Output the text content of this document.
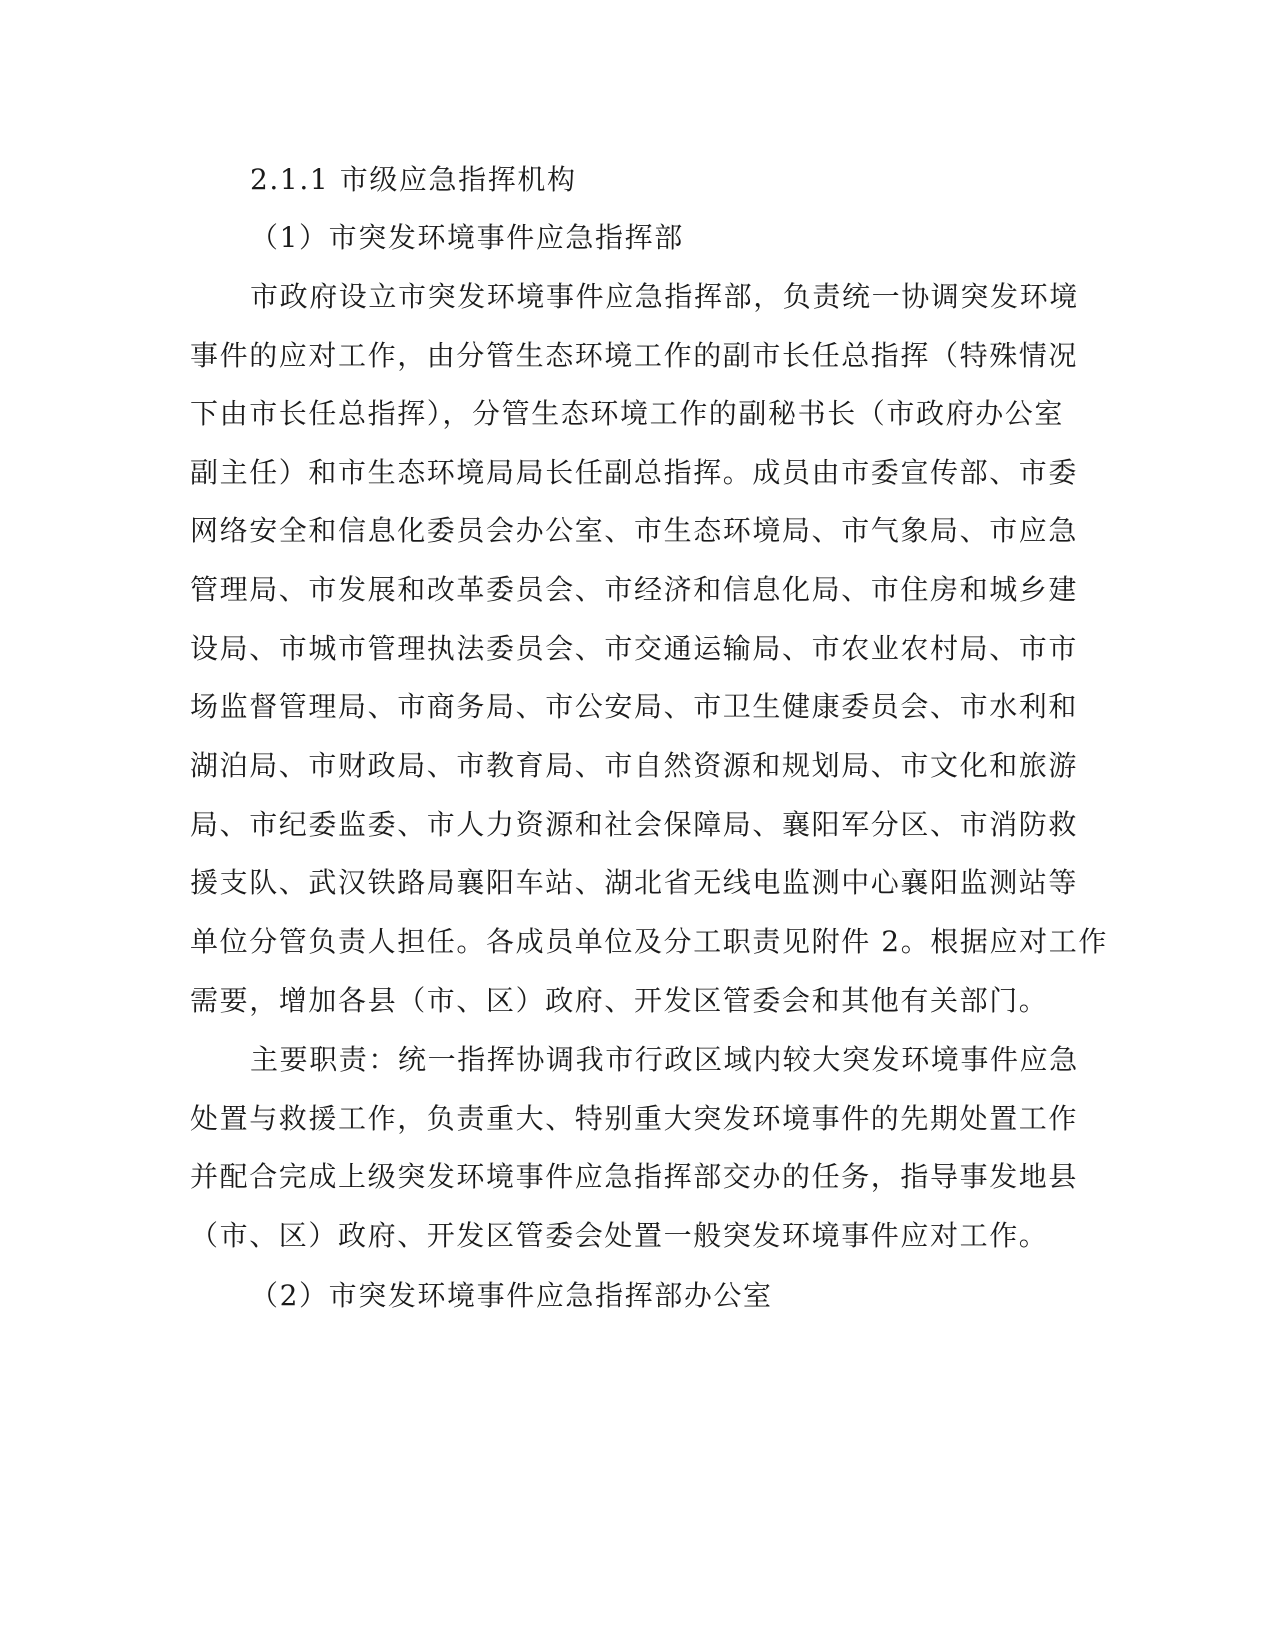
2.1.1 市级应急指挥机构
（1）市突发环境事件应急指挥部
市政府设立市突发环境事件应急指挥部，负责统一协调突发环境
事件的应对工作，由分管生态环境工作的副市长任总指挥（特殊情况
下由市长任总指挥），分管生态环境工作的副秘书长（市政府办公室
副主任）和市生态环境局局长任副总指挥。成员由市委宣传部、市委
网络安全和信息化委员会办公室、市生态环境局、市气象局、市应急
管理局、市发展和改革委员会、市经济和信息化局、市住房和城乡建
设局、市城市管理执法委员会、市交通运输局、市农业农村局、市市
场监督管理局、市商务局、市公安局、市卫生健康委员会、市水利和
湖泊局、市财政局、市教育局、市自然资源和规划局、市文化和旅游
局、市纪委监委、市人力资源和社会保障局、襄阳军分区、市消防救
援支队、武汉铁路局襄阳车站、湖北省无线电监测中心襄阳监测站等
单位分管负责人担任。各成员单位及分工职责见附件 2。根据应对工作
需要，增加各县（市、区）政府、开发区管委会和其他有关部门。
主要职责：统一指挥协调我市行政区域内较大突发环境事件应急
处置与救援工作，负责重大、特别重大突发环境事件的先期处置工作
并配合完成上级突发环境事件应急指挥部交办的任务，指导事发地县
（市、区）政府、开发区管委会处置一般突发环境事件应对工作。
（2）市突发环境事件应急指挥部办公室
